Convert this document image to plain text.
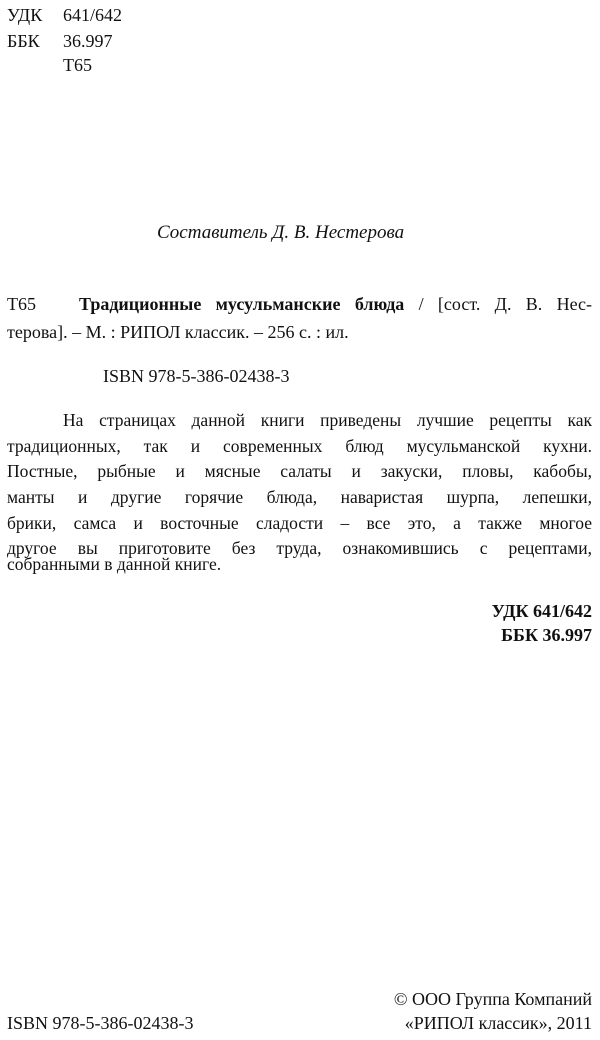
УДК 641/642
ББК 36.997
Т65
Составитель Д. В. Нестерова
Т65 Традиционные мусульманские блюда / [сост. Д. В. Нес-
терова]. – М. : РИПОЛ классик. – 256 с. : ил.
ISBN 978-5-386-02438-3
На страницах данной книги приведены лучшие рецепты как
традиционных, так и современных блюд мусульманской кухни.
Постные, рыбные и мясные салаты и закуски, пловы, кабобы,
манты и другие горячие блюда, наваристая шурпа, лепешки,
брики, самса и восточные сладости – все это, а также многое
другое вы приготовите без труда, ознакомившись с рецептами,
собранными в данной книге.
УДК 641/642
ББК 36.997
© ООО Группа Компаний
ISBN 978-5-386-02438-3	«РИПОЛ классик», 2011
